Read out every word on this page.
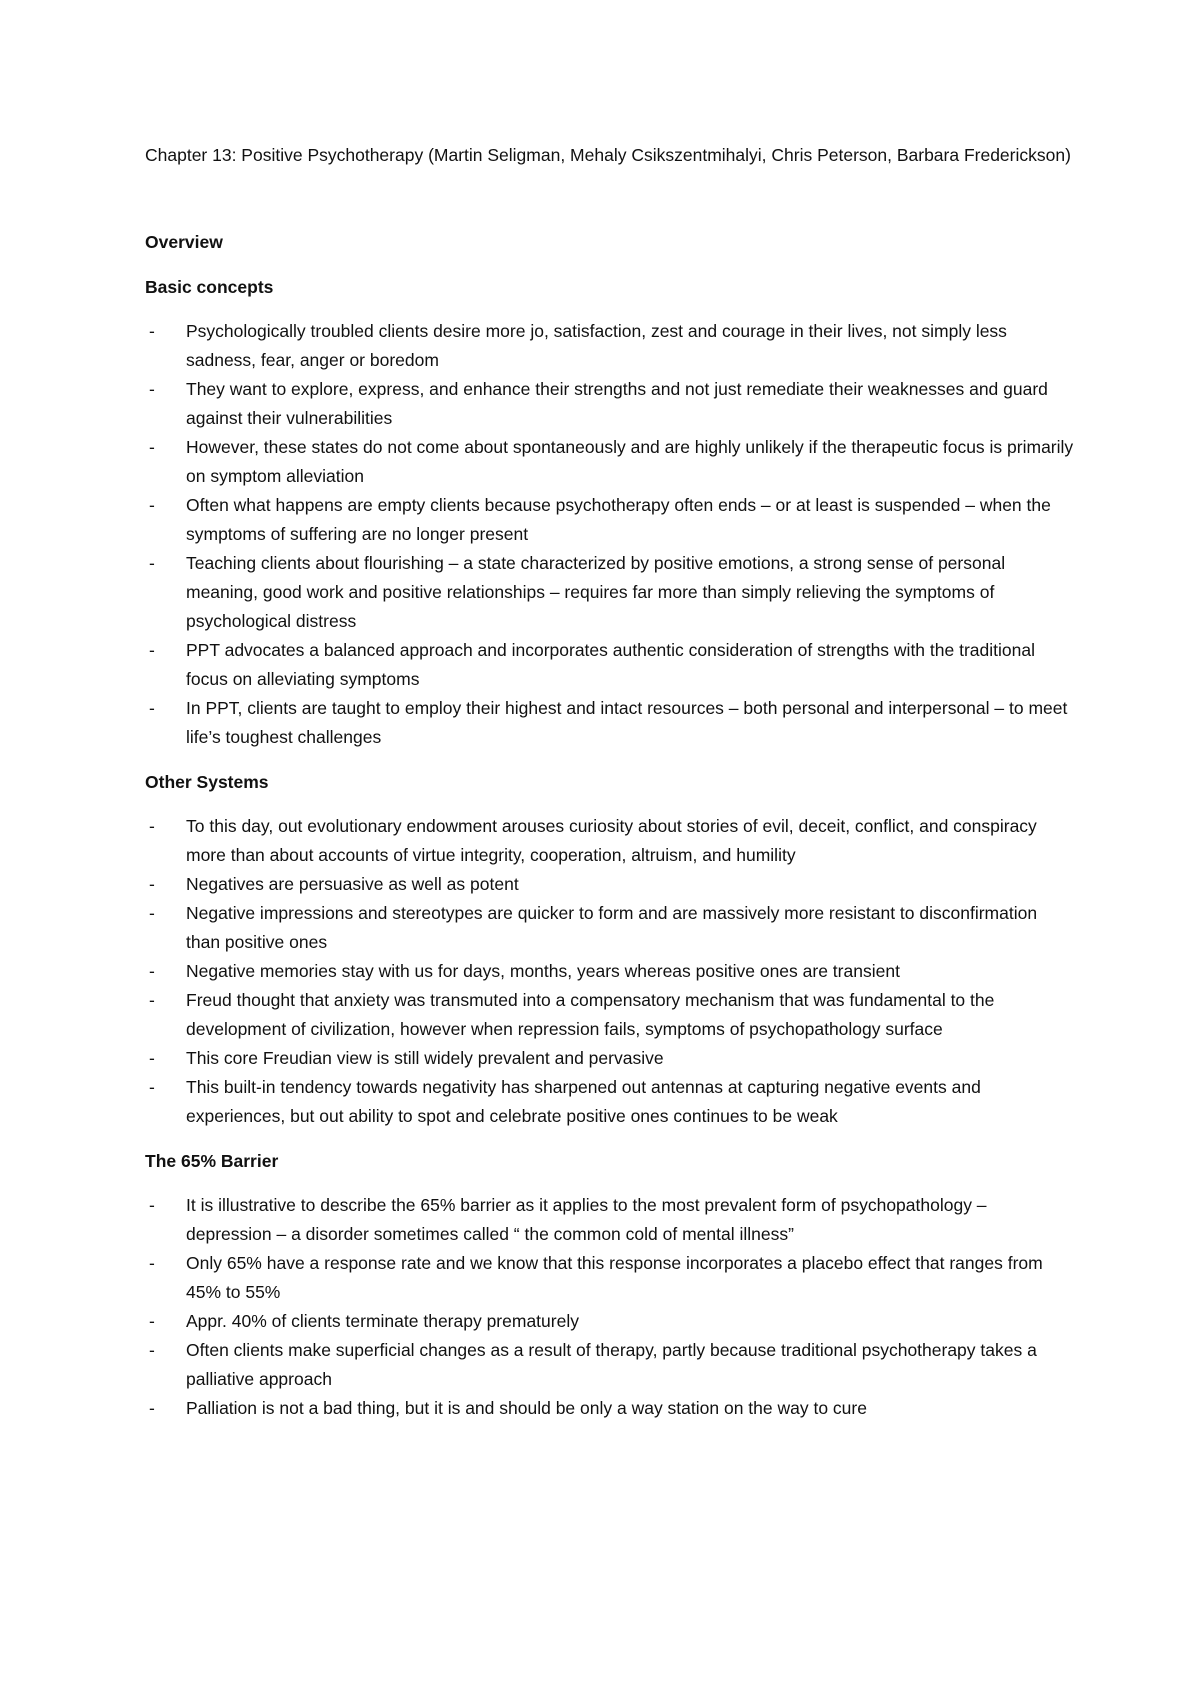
Chapter 13: Positive Psychotherapy (Martin Seligman, Mehaly Csikszentmihalyi, Chris Peterson, Barbara Frederickson)

Overview

Basic concepts

- Psychologically troubled clients desire more jo, satisfaction, zest and courage in their lives, not simply less sadness, fear, anger or boredom
- They want to explore, express, and enhance their strengths and not just remediate their weaknesses and guard against their vulnerabilities
- However, these states do not come about spontaneously and are highly unlikely if the therapeutic focus is primarily on symptom alleviation
- Often what happens are empty clients because psychotherapy often ends – or at least is suspended – when the symptoms of suffering are no longer present
- Teaching clients about flourishing – a state characterized by positive emotions, a strong sense of personal meaning, good work and positive relationships – requires far more than simply relieving the symptoms of psychological distress
- PPT advocates a balanced approach and incorporates authentic consideration of strengths with the traditional focus on alleviating symptoms
- In PPT, clients are taught to employ their highest and intact resources – both personal and interpersonal – to meet life’s toughest challenges

Other Systems

- To this day, out evolutionary endowment arouses curiosity about stories of evil, deceit, conflict, and conspiracy more than about accounts of virtue integrity, cooperation, altruism, and humility
- Negatives are persuasive as well as potent
- Negative impressions and stereotypes are quicker to form and are massively more resistant to disconfirmation than positive ones
- Negative memories stay with us for days, months, years whereas positive ones are transient
- Freud thought that anxiety was transmuted into a compensatory mechanism that was fundamental to the development of civilization, however when repression fails, symptoms of psychopathology surface
- This core Freudian view is still widely prevalent and pervasive
- This built-in tendency towards negativity has sharpened out antennas at capturing negative events and experiences, but out ability to spot and celebrate positive ones continues to be weak

The 65% Barrier

- It is illustrative to describe the 65% barrier as it applies to the most prevalent form of psychopathology – depression – a disorder sometimes called “ the common cold of mental illness”
- Only 65% have a response rate and we know that this response incorporates a placebo effect that ranges from 45% to 55%
- Appr. 40% of clients terminate therapy prematurely
- Often clients make superficial changes as a result of therapy, partly because traditional psychotherapy takes a palliative approach
- Palliation is not a bad thing, but it is and should be only a way station on the way to cure
